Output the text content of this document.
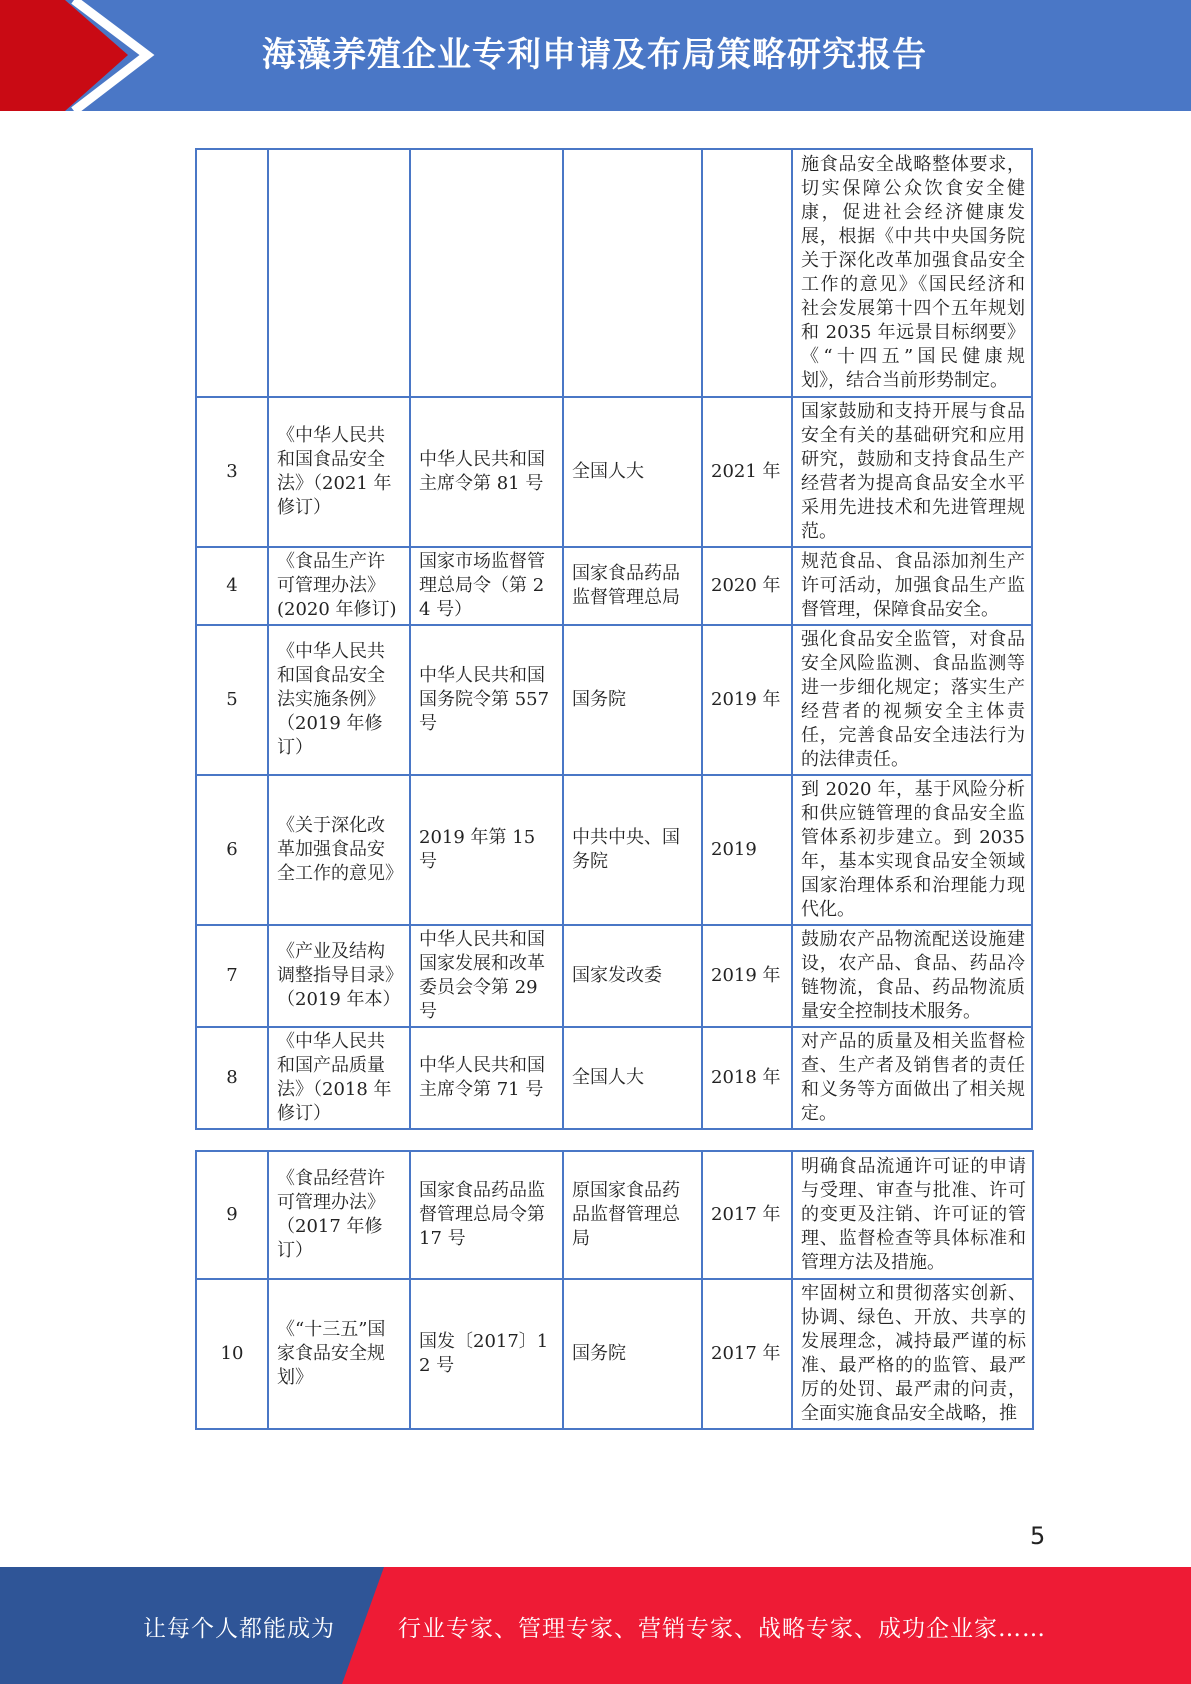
海藻养殖企业专利申请及布局策略研究报告
					施食品安全战略整体要求，切实保障公众饮食安全健康，促进社会经济健康发展，根据《中共中央国务院关于深化改革加强食品安全工作的意见》《国民经济和社会发展第十四个五年规划和 2035 年远景目标纲要》《“十四五”国民健康规划》，结合当前形势制定。
3	《中华人民共和国食品安全法》（2021 年修订）	中华人民共和国主席令第 81 号	全国人大	2021 年	国家鼓励和支持开展与食品安全有关的基础研究和应用研究，鼓励和支持食品生产经营者为提高食品安全水平采用先进技术和先进管理规范。
4	《食品生产许可管理办法》(2020 年修订)	国家市场监督管理总局令（第 24 号）	国家食品药品监督管理总局	2020 年	规范食品、食品添加剂生产许可活动，加强食品生产监督管理，保障食品安全。
5	《中华人民共和国食品安全法实施条例》（2019 年修订）	中华人民共和国国务院令第 557 号	国务院	2019 年	强化食品安全监管，对食品安全风险监测、食品监测等进一步细化规定；落实生产经营者的视频安全主体责任，完善食品安全违法行为的法律责任。
6	《关于深化改革加强食品安全工作的意见》	2019 年第 15 号	中共中央、国务院	2019	到 2020 年，基于风险分析和供应链管理的食品安全监管体系初步建立。到 2035 年，基本实现食品安全领域国家治理体系和治理能力现代化。
7	《产业及结构调整指导目录》（2019 年本）	中华人民共和国国家发展和改革委员会令第 29 号	国家发改委	2019 年	鼓励农产品物流配送设施建设，农产品、食品、药品冷链物流，食品、药品物流质量安全控制技术服务。
8	《中华人民共和国产品质量法》（2018 年修订）	中华人民共和国主席令第 71 号	全国人大	2018 年	对产品的质量及相关监督检查、生产者及销售者的责任和义务等方面做出了相关规定。
9	《食品经营许可管理办法》（2017 年修订）	国家食品药品监督管理总局令第 17 号	原国家食品药品监督管理总局	2017 年	明确食品流通许可证的申请与受理、审查与批准、许可的变更及注销、许可证的管理、监督检查等具体标准和管理方法及措施。
10	《“十三五”国家食品安全规划》	国发〔2017〕12 号	国务院	2017 年	牢固树立和贯彻落实创新、协调、绿色、开放、共享的发展理念，减持最严谨的标准、最严格的的监管、最严厉的处罚、最严肃的问责，全面实施食品安全战略，推
5
让每个人都能成为	行业专家、管理专家、营销专家、战略专家、成功企业家……
